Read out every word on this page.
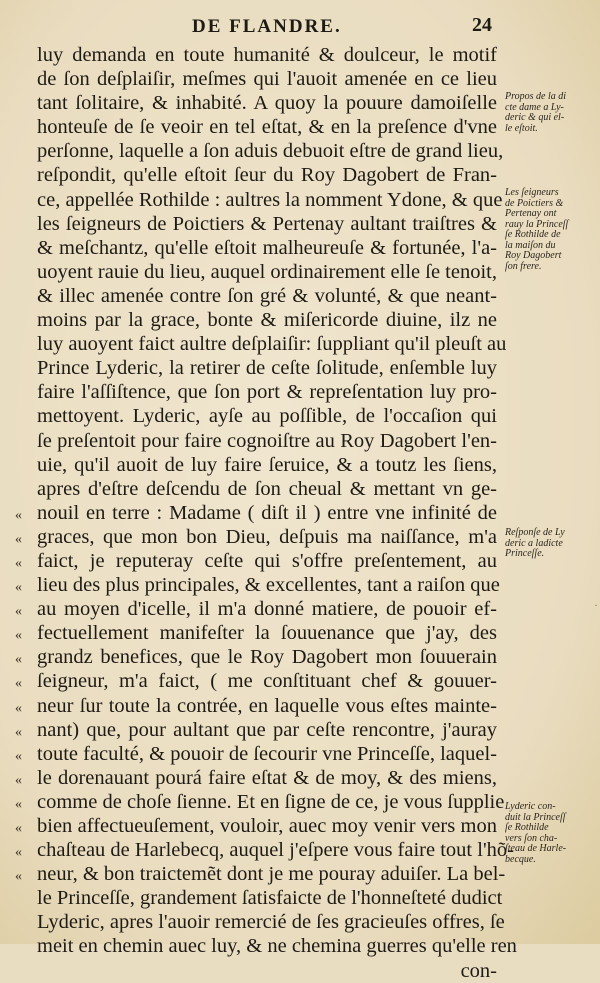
DE FLANDRE.	24
luy demanda en toute humanité & doulceur, le motif
de ſon deſplaiſir, meſmes qui l'auoit amenée en ce lieu
tant ſolitaire, & inhabité. A quoy la pouure damoiſelle
honteuſe de ſe veoir en tel eſtat, & en la preſence d'vne
perſonne, laquelle a ſon aduis debuoit eſtre de grand lieu,
reſpondit, qu'elle eſtoit ſeur du Roy Dagobert de Fran-
ce, appellée Rothilde : aultres la nomment Ydone, & que
les ſeigneurs de Poictiers & Pertenay aultant traiſtres &
& meſchantz, qu'elle eſtoit malheureuſe & fortunée, l'a-
uoyent rauie du lieu, auquel ordinairement elle ſe tenoit,
& illec amenée contre ſon gré & volunté, & que neant-
moins par la grace, bonte & miſericorde diuine, ilz ne
luy auoyent faict aultre deſplaiſir: ſuppliant qu'il pleuſt au
Prince Lyderic, la retirer de ceſte ſolitude, enſemble luy
faire l'aſſiſtence, que ſon port & repreſentation luy pro-
mettoyent. Lyderic, ayſe au poſſible, de l'occaſion qui
ſe preſentoit pour faire cognoiſtre au Roy Dagobert l'en-
uie, qu'il auoit de luy faire ſeruice, & a toutz les ſiens,
apres d'eſtre deſcendu de ſon cheual & mettant vn ge-
« nouil en terre : Madame ( diſt il ) entre vne infinité de
« graces, que mon bon Dieu, deſpuis ma naiſſance, m'a
« faict, je reputeray ceſte qui s'offre preſentement, au
« lieu des plus principales, & excellentes, tant a raiſon que
« au moyen d'icelle, il m'a donné matiere, de pouoir ef-
« fectuellement manifeſter la ſouuenance que j'ay, des
« grandz benefices, que le Roy Dagobert mon ſouuerain
« ſeigneur, m'a faict, ( me conſtituant chef & gouuer-
« neur ſur toute la contrée, en laquelle vous eſtes mainte-
« nant) que, pour aultant que par ceſte rencontre, j'auray
« toute faculté, & pouoir de ſecourir vne Princeſſe, laquel-
« le dorenauant pourá faire eſtat & de moy, & des miens,
« comme de choſe ſienne. Et en ſigne de ce, je vous ſupplie
« bien affectueuſement, vouloir, auec moy venir vers mon
« chaſteau de Harlebecq, auquel j'eſpere vous faire tout l'hõ-
« neur, & bon traictemẽt dont je me pouray aduiſer. La bel-
le Princeſſe, grandement ſatisfaicte de l'honneſteté dudict
Lyderic, apres l'auoir remercié de ſes gracieuſes offres, ſe
meit en chemin auec luy, & ne chemina guerres qu'elle ren
con-
Propos de la di
cte dame a Ly-
deric & qui el-
le eſtoit.
Les ſeigneurs
de Poictiers &
Pertenay ont
rauy la Princeſſ
ſe Rothilde de
la maiſon du
Roy Dagobert
ſon frere.
Reſponſe de Ly
deric a ladicte
Princeſſe.
Lyderic con-
duit la Princeſſ
ſe Rothilde
vers ſon cha-
ſteau de Harle-
becque.
·
